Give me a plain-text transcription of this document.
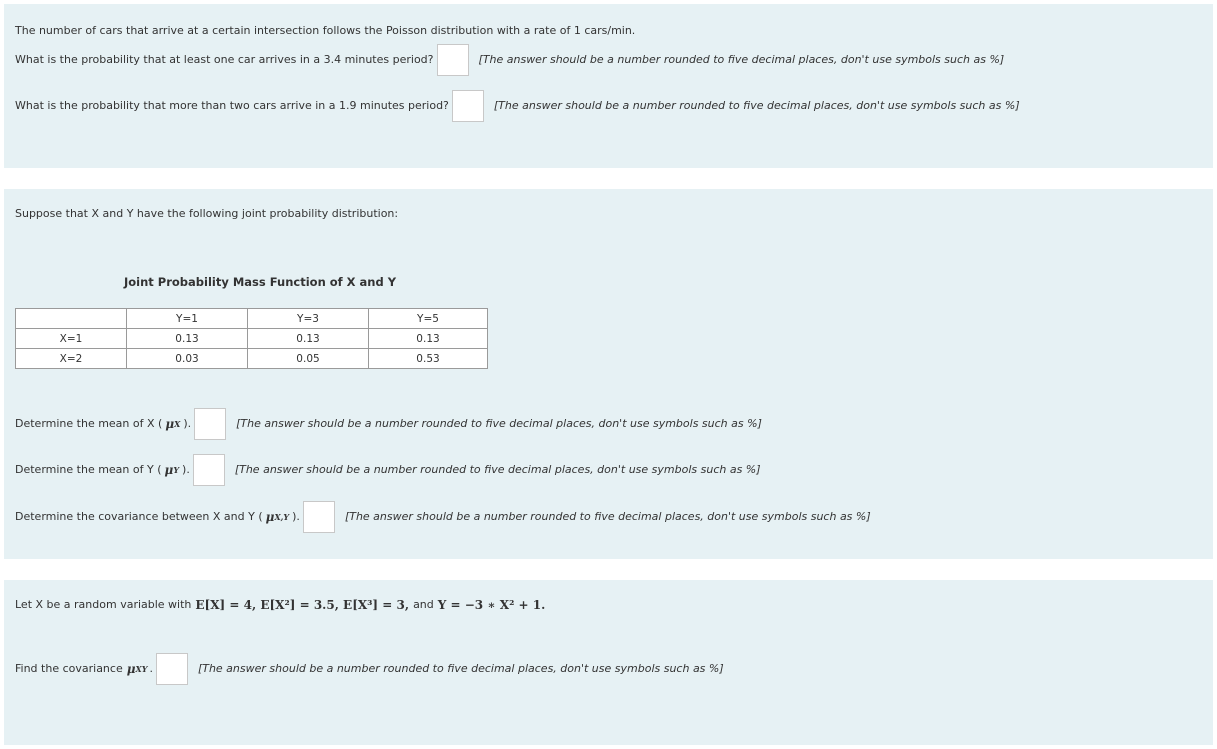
The number of cars that arrive at a certain intersection follows the Poisson distribution with a rate of 1 cars/min.
What is the probability that at least one car arrives in a 3.4 minutes period?	[The answer should be a number rounded to five decimal places, don't use symbols such as %]
What is the probability that more than two cars arrive in a 1.9 minutes period?	[The answer should be a number rounded to five decimal places, don't use symbols such as %]
Suppose that X and Y have the following joint probability distribution:
Joint Probability Mass Function of X and Y
	Y=1	Y=3	Y=5
X=1	0.13	0.13	0.13
X=2	0.03	0.05	0.53
Determine the mean of X ( μ X ).	[The answer should be a number rounded to five decimal places, don't use symbols such as %]
Determine the mean of Y ( μ Y ).	[The answer should be a number rounded to five decimal places, don't use symbols such as %]
Determine the covariance between X and Y ( μ X,Y ).	[The answer should be a number rounded to five decimal places, don't use symbols such as %]
Let X be a random variable with E[X] = 4, E[X²] = 3.5, E[X³] = 3, and Y = −3 ∗ X² + 1.
Find the covariance μ XY .	[The answer should be a number rounded to five decimal places, don't use symbols such as %]
